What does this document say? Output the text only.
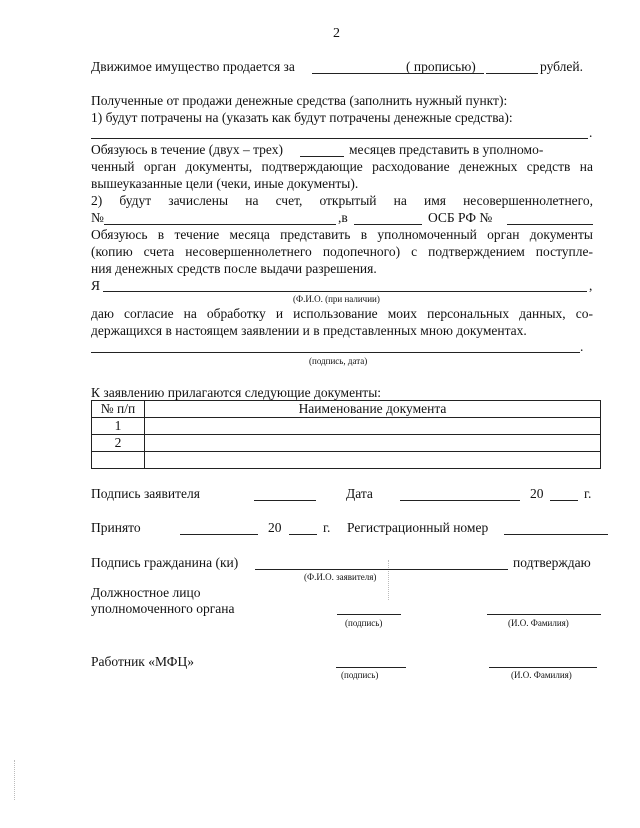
2
Движимое имущество продается за	( прописью)	рублей.
Полученные от продажи денежные средства (заполнить нужный пункт):
1) будут потрачены на (указать как будут потрачены денежные средства):
.
Обязуюсь в течение (двух – трех)	месяцев представить в уполномо-
ченный орган документы, подтверждающие расходование денежных средств на
вышеуказанные цели (чеки, иные документы).
2) будут зачислены на счет, открытый на имя несовершеннолетнего,
№	,в	ОСБ РФ №
Обязуюсь в течение месяца представить в уполномоченный орган документы
(копию счета несовершеннолетнего подопечного) с подтверждением поступле-
ния денежных средств после выдачи разрешения.
Я	,
(Ф.И.О. (при наличии)
даю согласие на обработку и использование моих персональных данных, со-
держащихся в настоящем заявлении и в представленных мною документах.
.
(подпись, дата)
К заявлению прилагаются следующие документы:
№ п/п	Наименование документа
1	
2	

Подпись заявителя	Дата	20	г.
Принято	20	г. Регистрационный номер
Подпись гражданина (ки)	подтверждаю
(Ф.И.О. заявителя)
Должностное лицо
уполномоченного органа
(подпись)	(И.О. Фамилия)
Работник «МФЦ»
(подпись)	(И.О. Фамилия)
